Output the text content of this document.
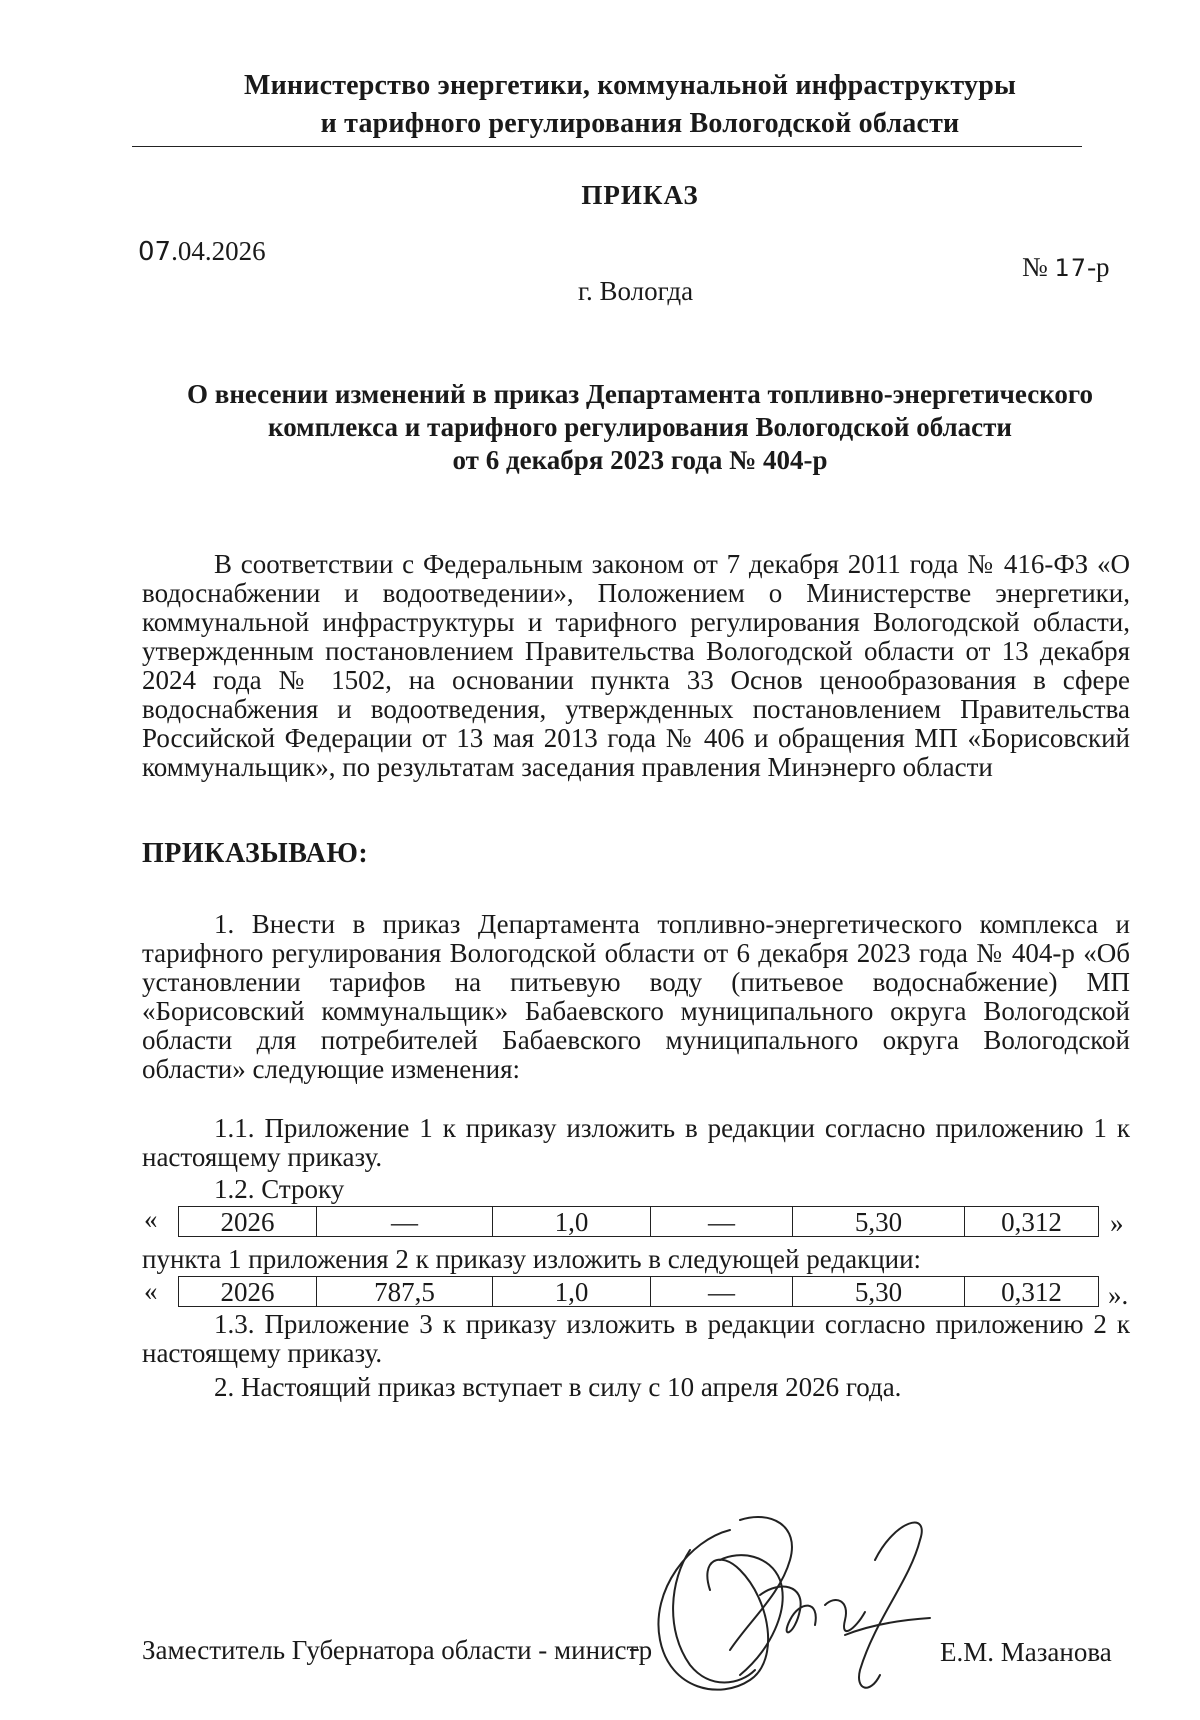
Министерство энергетики, коммунальной инфраструктуры
и тарифного регулирования Вологодской области
ПРИКАЗ
07.04.2026
№ 17-р
г. Вологда
О внесении изменений в приказ Департамента топливно-энергетического
комплекса и тарифного регулирования Вологодской области
от 6 декабря 2023 года № 404-р
В соответствии с Федеральным законом от 7 декабря 2011 года № 416-ФЗ «О водоснабжении и водоотведении», Положением о Министерстве энергетики, коммунальной инфраструктуры и тарифного регулирования Вологодской области, утвержденным постановлением Правительства Вологодской области от 13 декабря 2024 года № 1502, на основании пункта 33 Основ ценообразования в сфере водоснабжения и водоотведения, утвержденных постановлением Правительства Российской Федерации от 13 мая 2013 года № 406 и обращения МП «Борисовский коммунальщик», по результатам заседания правления Минэнерго области
ПРИКАЗЫВАЮ:
1. Внести в приказ Департамента топливно-энергетического комплекса и тарифного регулирования Вологодской области от 6 декабря 2023 года № 404-р «Об установлении тарифов на питьевую воду (питьевое водоснабжение) МП «Борисовский коммунальщик» Бабаевского муниципального округа Вологодской области для потребителей Бабаевского муниципального округа Вологодской области» следующие изменения:
1.1. Приложение 1 к приказу изложить в редакции согласно приложению 1 к настоящему приказу.
1.2. Строку
« 2026	—	1,0	—	5,30	0,312 »
пункта 1 приложения 2 к приказу изложить в следующей редакции:
« 2026	787,5	1,0	—	5,30	0,312 ».
1.3. Приложение 3 к приказу изложить в редакции согласно приложению 2 к настоящему приказу.
2. Настоящий приказ вступает в силу с 10 апреля 2026 года.
Заместитель Губернатора области - министр	Е.М. Мазанова
